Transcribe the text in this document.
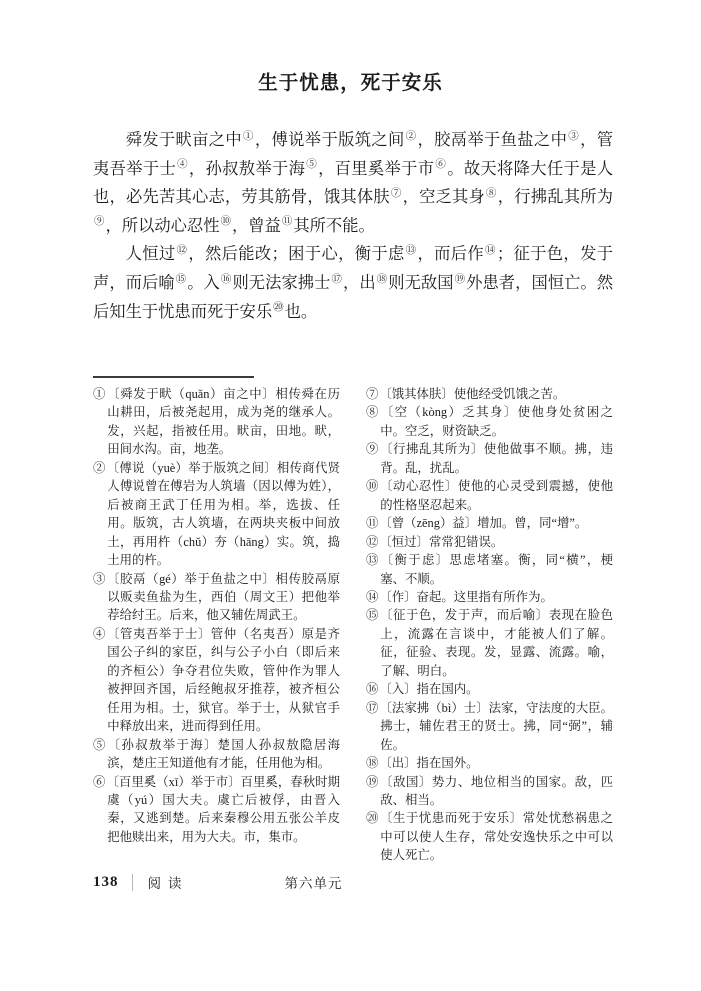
生于忧患，死于安乐

舜发于畎亩之中①，傅说举于版筑之间②，胶鬲举于鱼盐之中③，管夷吾举于士④，孙叔敖举于海⑤，百里奚举于市⑥。故天将降大任于是人也，必先苦其心志，劳其筋骨，饿其体肤⑦，空乏其身⑧，行拂乱其所为⑨，所以动心忍性⑩，曾益⑪其所不能。

人恒过⑫，然后能改；困于心，衡于虑⑬，而后作⑭；征于色，发于声，而后喻⑮。入⑯则无法家拂士⑰，出⑱则无敌国⑲外患者，国恒亡。然后知生于忧患而死于安乐⑳也。

①〔舜发于畎（quǎn）亩之中〕相传舜在历山耕田，后被尧起用，成为尧的继承人。发，兴起，指被任用。畎亩，田地。畎，田间水沟。亩，地垄。
②〔傅说（yuè）举于版筑之间〕相传商代贤人傅说曾在傅岩为人筑墙（因以傅为姓），后被商王武丁任用为相。举，选拔、任用。版筑，古人筑墙，在两块夹板中间放土，再用杵（chǔ）夯（hāng）实。筑，捣土用的杵。
③〔胶鬲（gé）举于鱼盐之中〕相传胶鬲原以贩卖鱼盐为生，西伯（周文王）把他举荐给纣王。后来，他又辅佐周武王。
④〔管夷吾举于士〕管仲（名夷吾）原是齐国公子纠的家臣，纠与公子小白（即后来的齐桓公）争夺君位失败，管仲作为罪人被押回齐国，后经鲍叔牙推荐，被齐桓公任用为相。士，狱官。举于士，从狱官手中释放出来，进而得到任用。
⑤〔孙叔敖举于海〕楚国人孙叔敖隐居海滨，楚庄王知道他有才能，任用他为相。
⑥〔百里奚（xī）举于市〕百里奚，春秋时期虞（yú）国大夫。虞亡后被俘，由晋入秦，又逃到楚。后来秦穆公用五张公羊皮把他赎出来，用为大夫。市，集市。
⑦〔饿其体肤〕使他经受饥饿之苦。
⑧〔空（kòng）乏其身〕使他身处贫困之中。空乏，财资缺乏。
⑨〔行拂乱其所为〕使他做事不顺。拂，违背。乱，扰乱。
⑩〔动心忍性〕使他的心灵受到震撼，使他的性格坚忍起来。
⑪〔曾（zēng）益〕增加。曾，同“增”。
⑫〔恒过〕常常犯错误。
⑬〔衡于虑〕思虑堵塞。衡，同“横”，梗塞、不顺。
⑭〔作〕奋起。这里指有所作为。
⑮〔征于色，发于声，而后喻〕表现在脸色上，流露在言谈中，才能被人们了解。征，征验、表现。发，显露、流露。喻，了解、明白。
⑯〔入〕指在国内。
⑰〔法家拂（bì）士〕法家，守法度的大臣。拂士，辅佐君王的贤士。拂，同“弼”，辅佐。
⑱〔出〕指在国外。
⑲〔敌国〕势力、地位相当的国家。敌，匹敌、相当。
⑳〔生于忧患而死于安乐〕常处忧愁祸患之中可以使人生存，常处安逸快乐之中可以使人死亡。
138 阅读	第六单元
